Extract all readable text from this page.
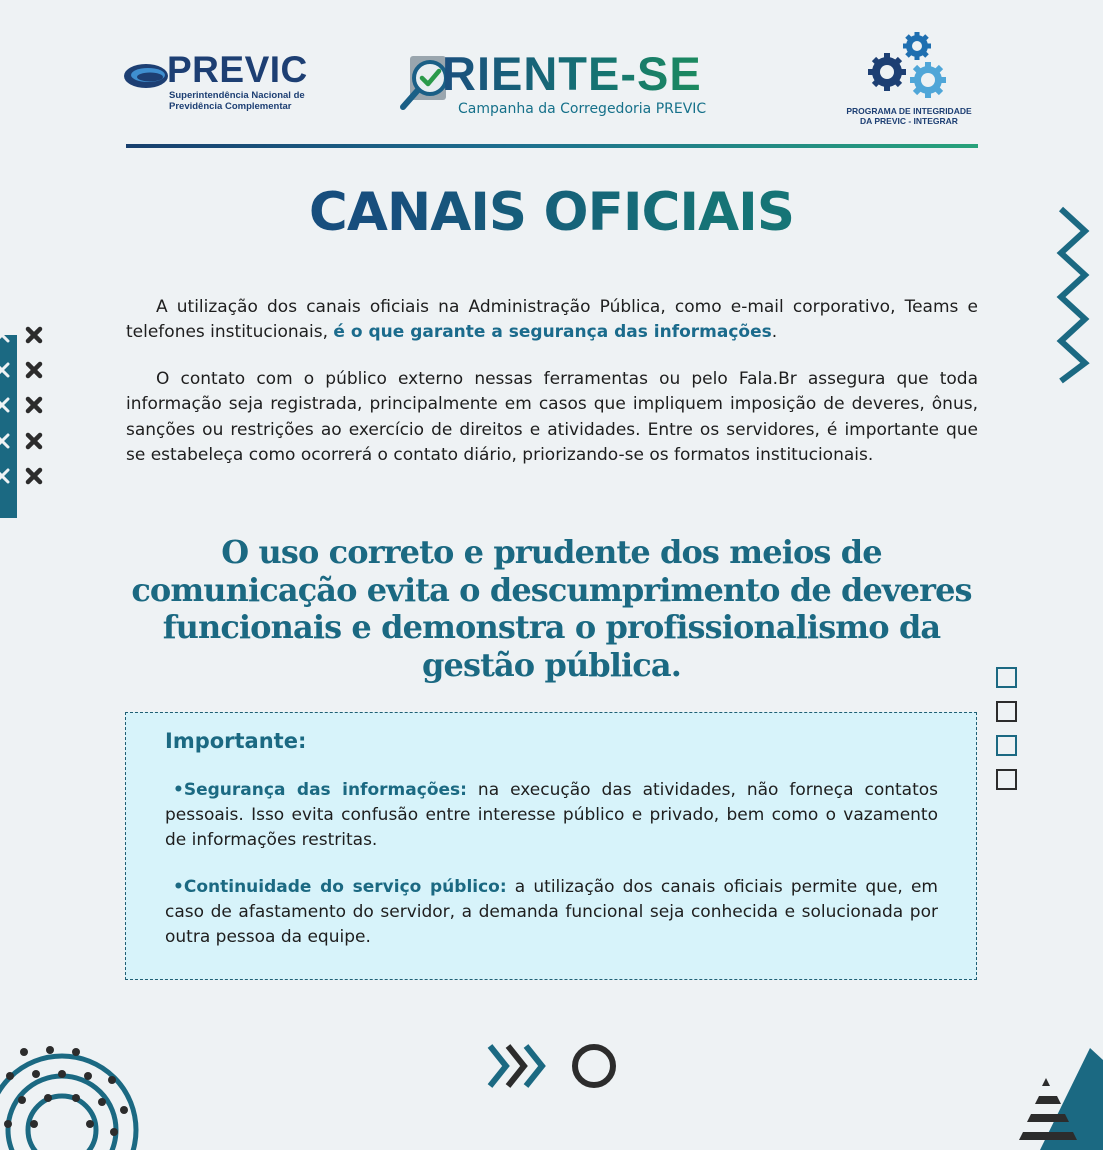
PREVIC
Superintendência Nacional de
Previdência Complementar
RIENTE-SE
Campanha da Corregedoria PREVIC	PROGRAMA DE INTEGRIDADE
DA PREVIC - INTEGRAR
CANAIS OFICIAIS

A utilização dos canais oficiais na Administração Pública, como e-mail corporativo, Teams e telefones institucionais, é o que garante a segurança das informações.

O contato com o público externo nessas ferramentas ou pelo Fala.Br assegura que toda informação seja registrada, principalmente em casos que impliquem imposição de deveres, ônus, sanções ou restrições ao exercício de direitos e atividades. Entre os servidores, é importante que se estabeleça como ocorrerá o contato diário, priorizando-se os formatos institucionais.

O uso correto e prudente dos meios de comunicação evita o descumprimento de deveres funcionais e demonstra o profissionalismo da gestão pública.
Importante:

•Segurança das informações: na execução das atividades, não forneça contatos pessoais. Isso evita confusão entre interesse público e privado, bem como o vazamento de informações restritas.

•Continuidade do serviço público: a utilização dos canais oficiais permite que, em caso de afastamento do servidor, a demanda funcional seja conhecida e solucionada por outra pessoa da equipe.
